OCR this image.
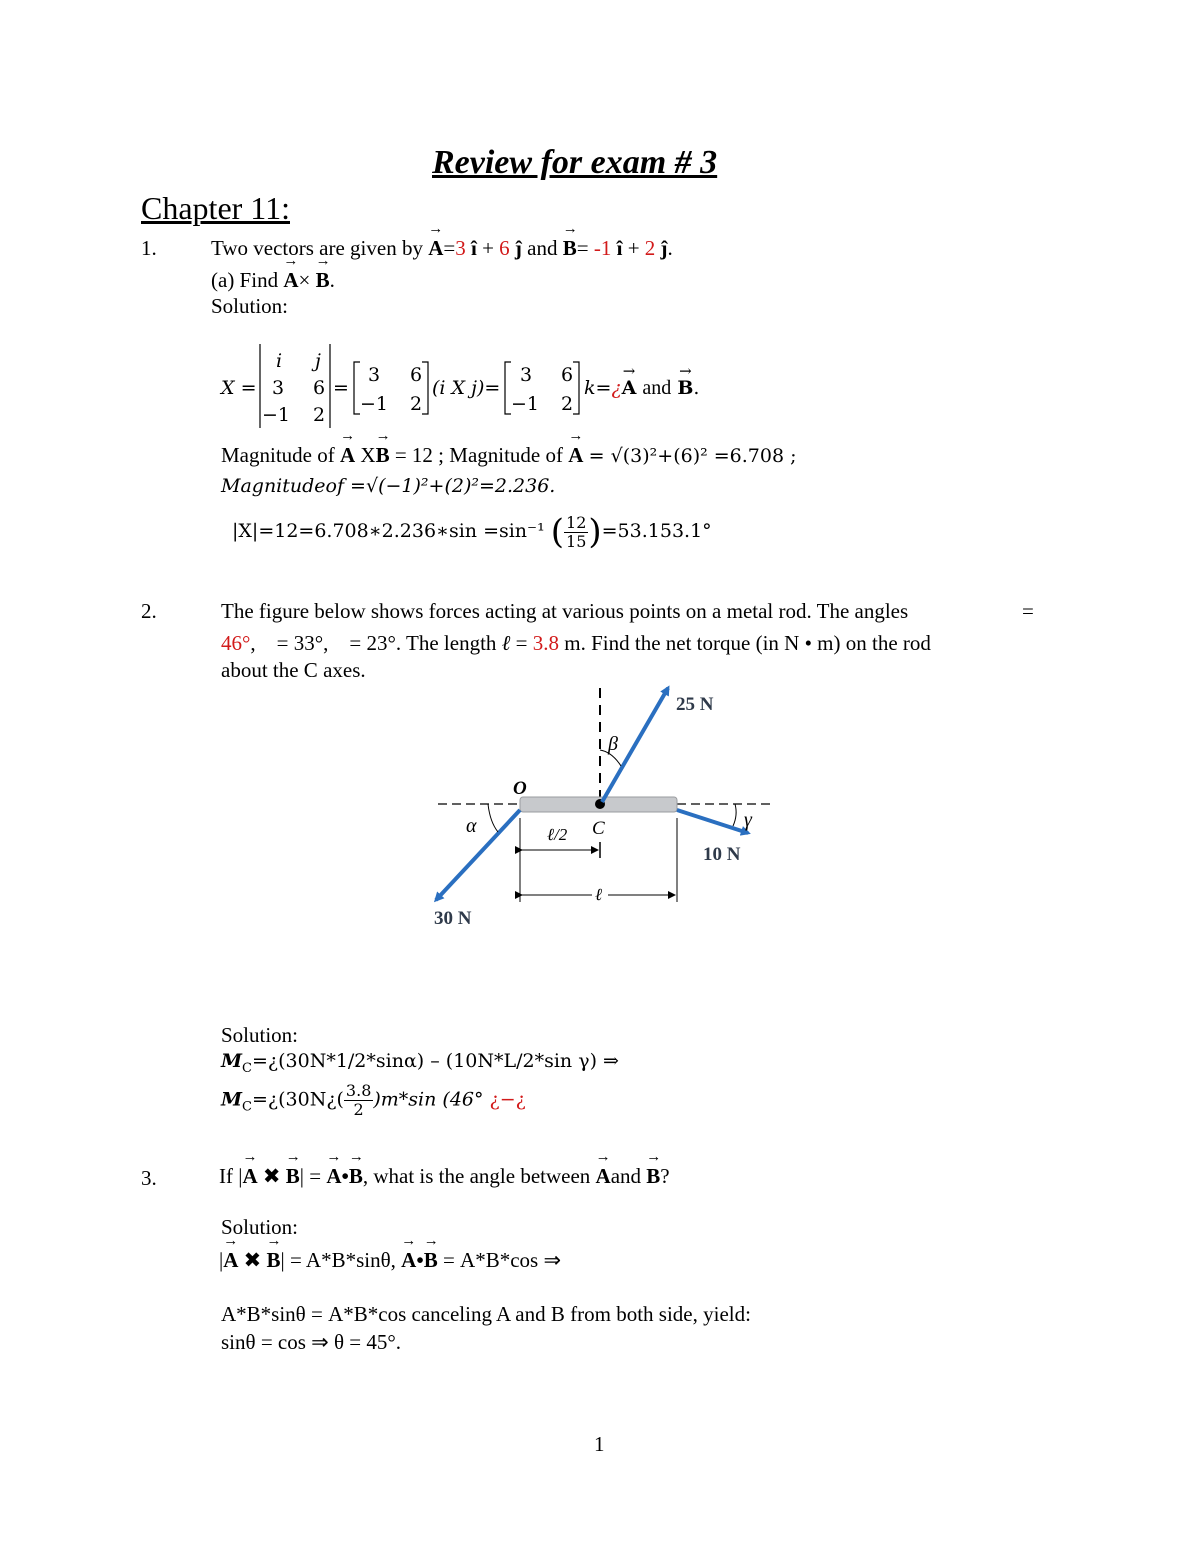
Review for exam # 3
Chapter 11:
1.	Two vectors are given by → A=3 î + 6 ĵ and → B= -1 î + 2 ĵ.
(a) Find → A× → B.
Solution:
X =
i j
3 6
−1 2
=
3 6
−1 2
(i X j)=
3 6
−1 2
k=¿→ A and → B.
Magnitude of → A X→ B = 12 ; Magnitude of → A = √(3)²+(6)² =6.708 ;
Magnitudeof =√(−1)²+(2)²=2.236.
|X|=12=6.708∗2.236∗sin =sin⁻¹ ( $\frac{12}{15} )=53.153.1^\circ$
2.	The figure below shows forces acting at various points on a metal rod. The angles	=
46°, = 33°, = 23°. The length ℓ = 3.8 m. Find the net torque (in N • m) on the rod
about the C axes.
25 N
10 N
30 N
O
C
β
α	γ
ℓ/2
ℓ
Solution:
$M_C=¿(30N*1/2*\sin\alpha) - (10N*L/2*\sin$ γ) ⇒
$M_C=¿(30N¿( \frac{3.8}{2} )m*\sin$ (46° ¿−¿
3.	If |→ A ✖ → B| = → A•→ B, what is the angle between → Aand → B?
Solution:
|→ A ✖ → B| = A*B*sinθ, → A•→ B = A*B*cos ⇒
A*B*sinθ = A*B*cos canceling A and B from both side, yield:
sinθ = cos ⇒ θ = 45°.
1
